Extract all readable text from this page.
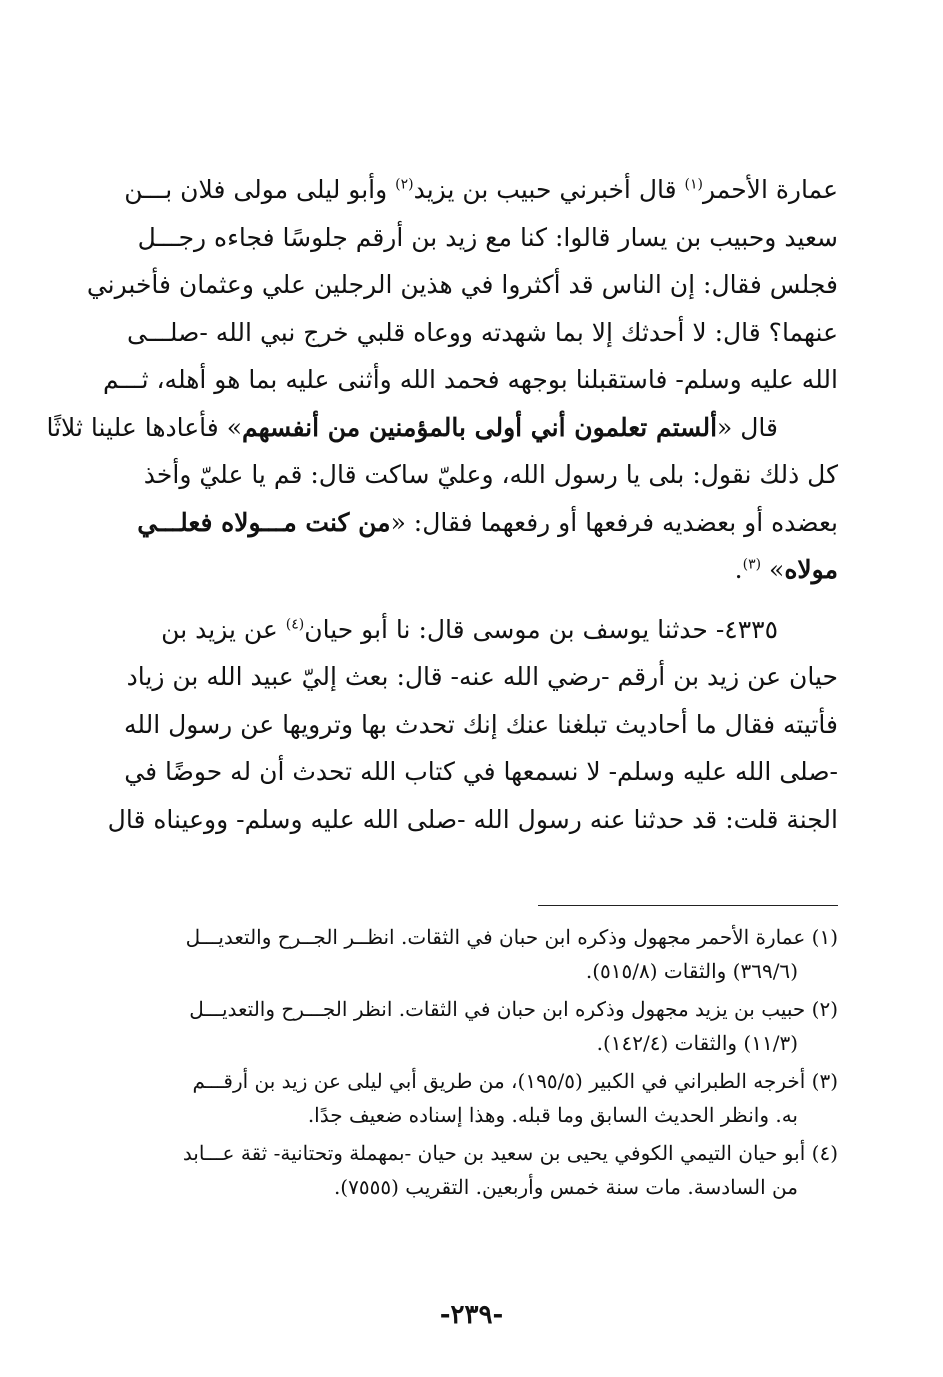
عمارة الأحمر$^{(١)}$ قال أخبرني حبيب بن يزيد$^{(٢)}$ وأبو ليلى مولى فلان بـــن
سعيد وحبيب بن يسار قالوا: كنا مع زيد بن أرقم جلوسًا فجاءه رجـــل
فجلس فقال: إن الناس قد أكثروا في هذين الرجلين علي وعثمان فأخبرني
عنهما؟ قال: لا أحدثك إلا بما شهدته ووعاه قلبي خرج نبي الله -صلـــى
الله عليه وسلم- فاستقبلنا بوجهه فحمد الله وأثنى عليه بما هو أهله، ثـــم
قال «ألستم تعلمون أني أولى بالمؤمنين من أنفسهم» فأعادها علينا ثلاثًا
كل ذلك نقول: بلى يا رسول الله، وعليّ ساكت قال: قم يا عليّ وأخذ
بعضده أو بعضديه فرفعها أو رفعهما فقال: «من كنت مـــولاه فعلـــي
مولاه» $^{(٣)}$.

٤٣٣٥- حدثنا يوسف بن موسى قال: نا أبو حيان$^{(٤)}$ عن يزيد بن
حيان عن زيد بن أرقم -رضي الله عنه- قال: بعث إليّ عبيد الله بن زياد
فأتيته فقال ما أحاديث تبلغنا عنك إنك تحدث بها وترويها عن رسول الله
-صلى الله عليه وسلم- لا نسمعها في كتاب الله تحدث أن له حوضًا في
الجنة قلت: قد حدثنا عنه رسول الله -صلى الله عليه وسلم- ووعيناه قال

(١) عمارة الأحمر مجهول وذكره ابن حبان في الثقات. انظــر الجــرح والتعديـــل
(٣٦٩/٦) والثقات (٥١٥/٨).
(٢) حبيب بن يزيد مجهول وذكره ابن حبان في الثقات. انظر الجـــرح والتعديـــل
(١١/٣) والثقات (١٤٢/٤).
(٣) أخرجه الطبراني في الكبير (١٩٥/٥)، من طريق أبي ليلى عن زيد بن أرقـــم
به. وانظر الحديث السابق وما قبله. وهذا إسناده ضعيف جدًا.
(٤) أبو حيان التيمي الكوفي يحيى بن سعيد بن حيان -بمهملة وتحتانية- ثقة عـــابد
من السادسة. مات سنة خمس وأربعين. التقريب (٧٥٥٥).
-٢٣٩-
